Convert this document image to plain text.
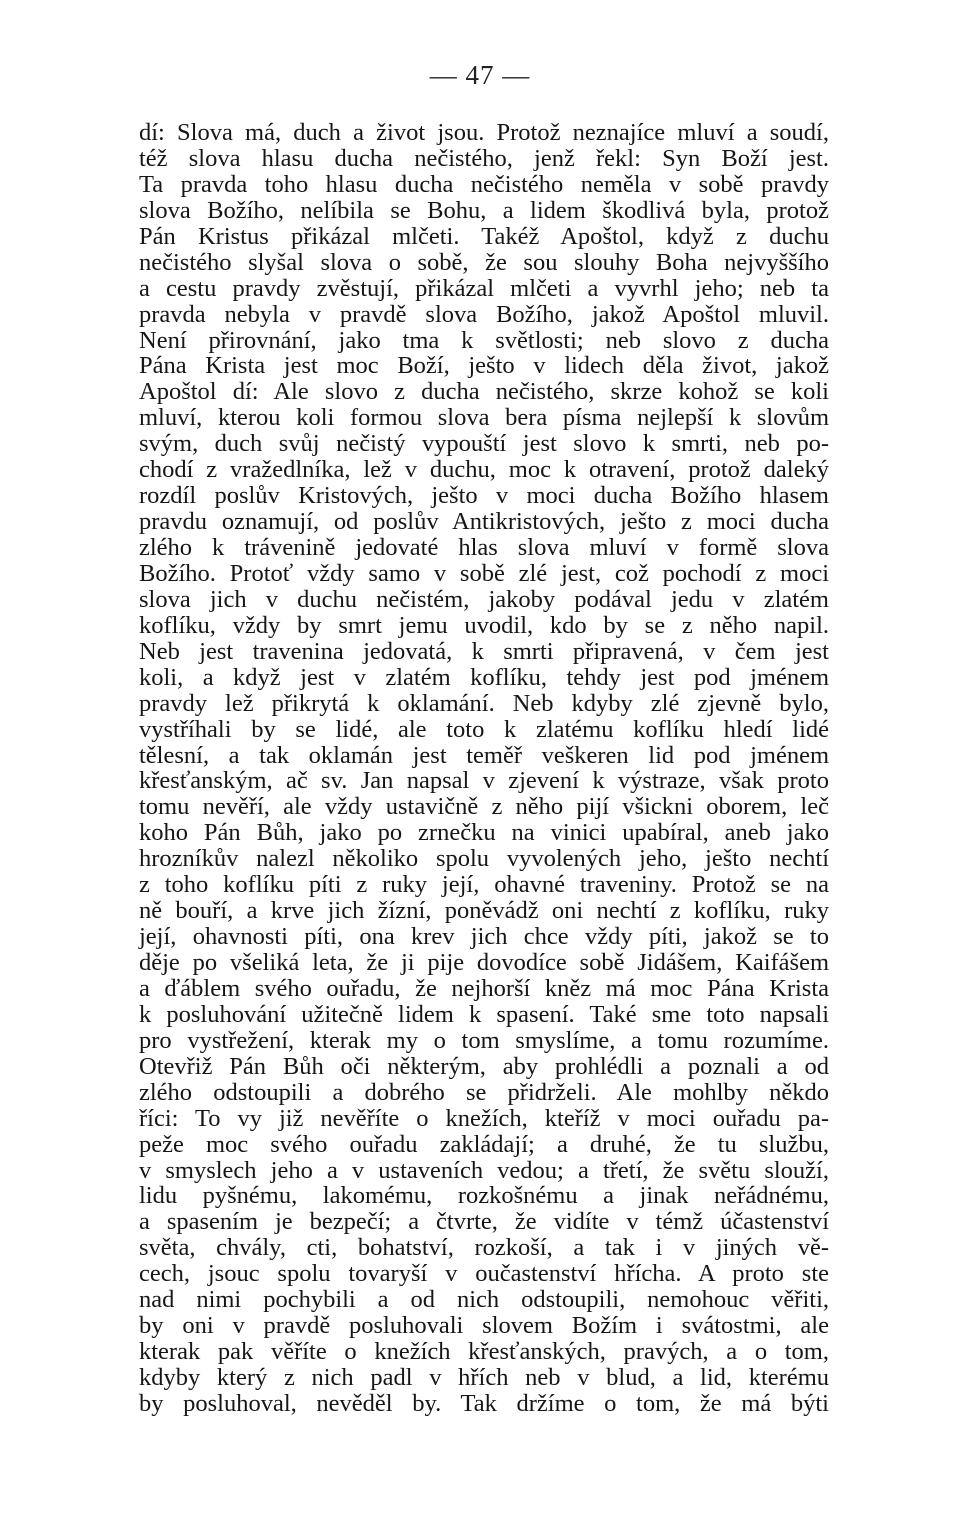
— 47 —
dí: Slova má, duch a život jsou. Protož neznajíce mluví a soudí,
též slova hlasu ducha nečistého, jenž řekl: Syn Boží jest.
Ta pravda toho hlasu ducha nečistého neměla v sobě pravdy
slova Božího, nelíbila se Bohu, a lidem škodlivá byla, protož
Pán Kristus přikázal mlčeti. Takéž Apoštol, když z duchu
nečistého slyšal slova o sobě, že sou slouhy Boha nejvyššího
a cestu pravdy zvěstují, přikázal mlčeti a vyvrhl jeho; neb ta
pravda nebyla v pravdě slova Božího, jakož Apoštol mluvil.
Není přirovnání, jako tma k světlosti; neb slovo z ducha
Pána Krista jest moc Boží, ješto v lidech děla život, jakož
Apoštol dí: Ale slovo z ducha nečistého, skrze kohož se koli
mluví, kterou koli formou slova bera písma nejlepší k slovům
svým, duch svůj nečistý vypouští jest slovo k smrti, neb po-
chodí z vražedlníka, lež v duchu, moc k otravení, protož daleký
rozdíl poslův Kristových, ješto v moci ducha Božího hlasem
pravdu oznamují, od poslův Antikristových, ješto z moci ducha
zlého k trávenině jedovaté hlas slova mluví v formě slova
Božího. Protoť vždy samo v sobě zlé jest, což pochodí z moci
slova jich v duchu nečistém, jakoby podával jedu v zlatém
koflíku, vždy by smrt jemu uvodil, kdo by se z něho napil.
Neb jest travenina jedovatá, k smrti připravená, v čem jest
koli, a když jest v zlatém koflíku, tehdy jest pod jménem
pravdy lež přikrytá k oklamání. Neb kdyby zlé zjevně bylo,
vystříhali by se lidé, ale toto k zlatému koflíku hledí lidé
tělesní, a tak oklamán jest teměř veškeren lid pod jménem
křesťanským, ač sv. Jan napsal v zjevení k výstraze, však proto
tomu nevěří, ale vždy ustavičně z něho pijí všickni oborem, leč
koho Pán Bůh, jako po zrnečku na vinici upabíral, aneb jako
hrozníkův nalezl několiko spolu vyvolených jeho, ješto nechtí
z toho koflíku píti z ruky její, ohavné traveniny. Protož se na
ně bouří, a krve jich žízní, poněvádž oni nechtí z koflíku, ruky
její, ohavnosti píti, ona krev jich chce vždy píti, jakož se to
děje po všeliká leta, že ji pije dovodíce sobě Jidášem, Kaifášem
a ďáblem svého ouřadu, že nejhorší kněz má moc Pána Krista
k posluhování užitečně lidem k spasení. Také sme toto napsali
pro vystřežení, kterak my o tom smyslíme, a tomu rozumíme.
Otevřiž Pán Bůh oči některým, aby prohlédli a poznali a od
zlého odstoupili a dobrého se přidrželi. Ale mohlby někdo
říci: To vy již nevěříte o knežích, kteříž v moci ouřadu pa-
peže moc svého ouřadu zakládají; a druhé, že tu službu,
v smyslech jeho a v ustaveních vedou; a třetí, že světu slouží,
lidu pyšnému, lakomému, rozkošnému a jinak neřádnému,
a spasením je bezpečí; a čtvrte, že vidíte v témž účastenství
světa, chvály, cti, bohatství, rozkoší, a tak i v jiných vě-
cech, jsouc spolu tovaryší v oučastenství hřícha. A proto ste
nad nimi pochybili a od nich odstoupili, nemohouc věřiti,
by oni v pravdě posluhovali slovem Božím i svátostmi, ale
kterak pak věříte o knežích křesťanských, pravých, a o tom,
kdyby který z nich padl v hřích neb v blud, a lid, kterému
by posluhoval, nevěděl by. Tak držíme o tom, že má býti
